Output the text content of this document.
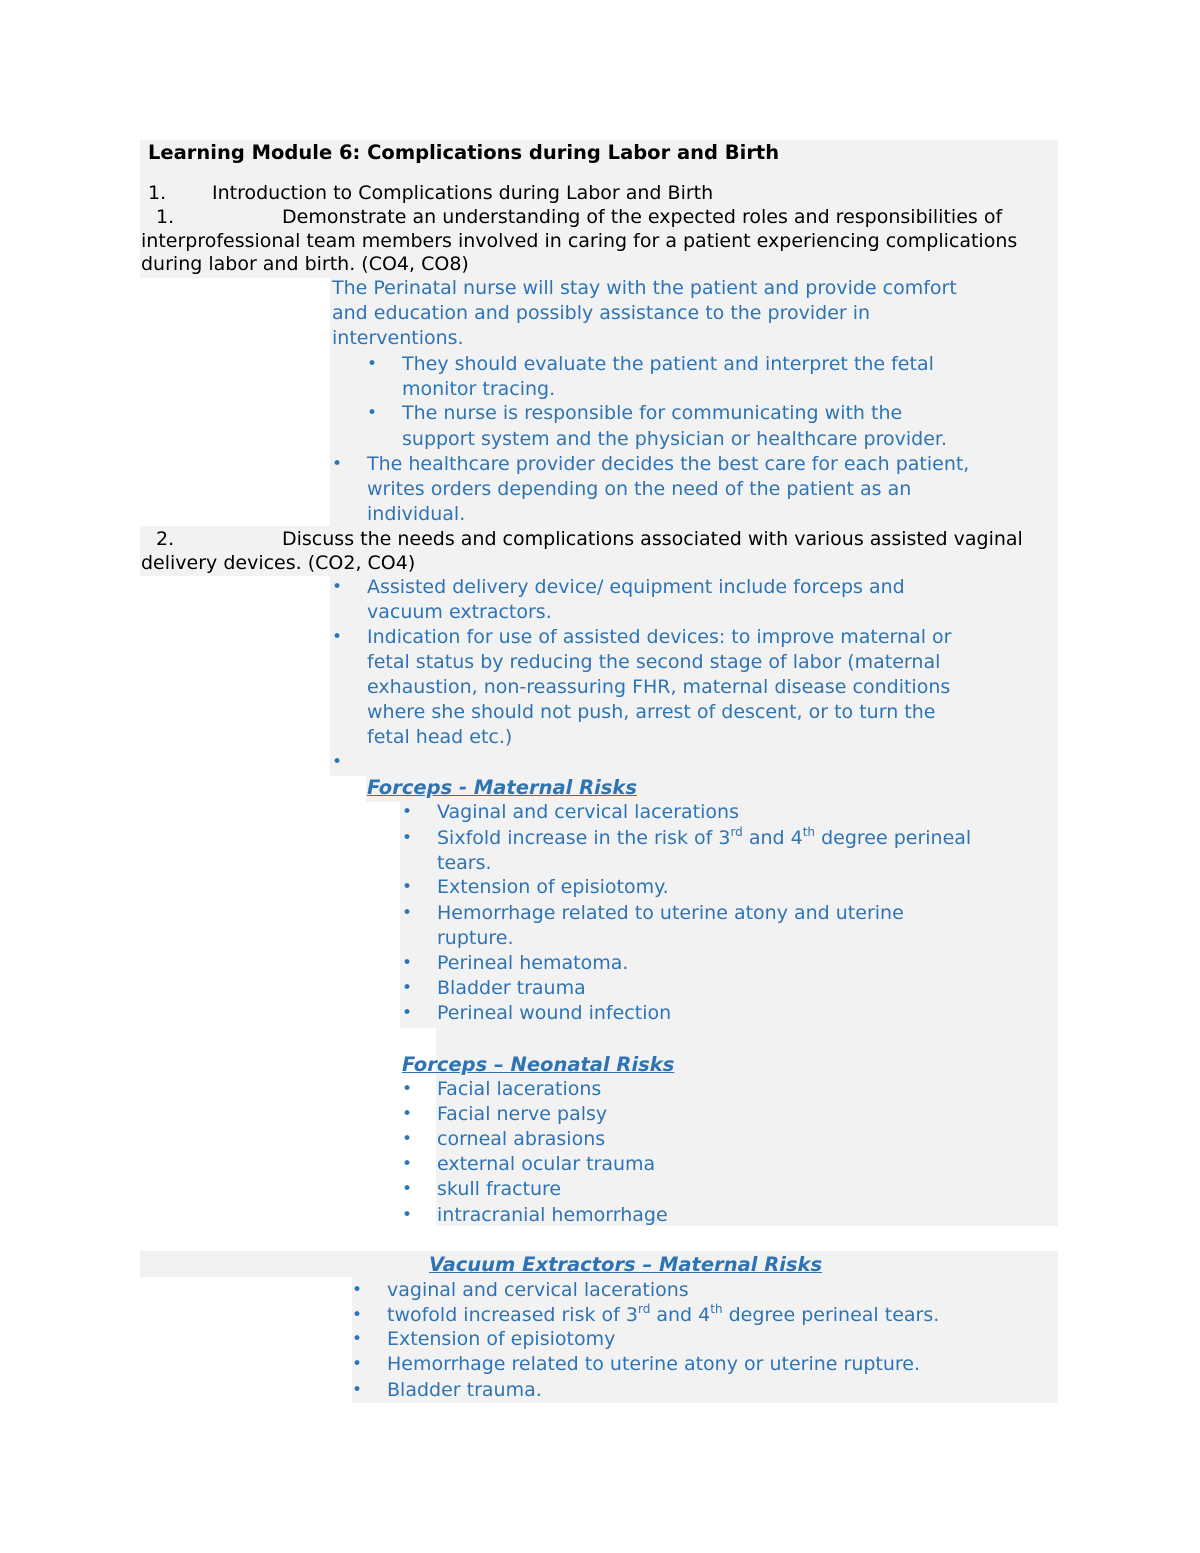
Learning Module 6: Complications during Labor and Birth
1. Introduction to Complications during Labor and Birth
1.	Demonstrate an understanding of the expected roles and responsibilities of
interprofessional team members involved in caring for a patient experiencing complications
during labor and birth. (CO4, CO8)
The Perinatal nurse will stay with the patient and provide comfort
and education and possibly assistance to the provider in
interventions.
• They should evaluate the patient and interpret the fetal
monitor tracing.
• The nurse is responsible for communicating with the
support system and the physician or healthcare provider.
• The healthcare provider decides the best care for each patient,
writes orders depending on the need of the patient as an
individual.
2.	Discuss the needs and complications associated with various assisted vaginal
delivery devices. (CO2, CO4)
• Assisted delivery device/ equipment include forceps and
vacuum extractors.
• Indication for use of assisted devices: to improve maternal or
fetal status by reducing the second stage of labor (maternal
exhaustion, non-reassuring FHR, maternal disease conditions
where she should not push, arrest of descent, or to turn the
fetal head etc.)
•
Forceps - Maternal Risks
• Vaginal and cervical lacerations
• Sixfold increase in the risk of 3rd and 4th degree perineal
tears.
• Extension of episiotomy.
• Hemorrhage related to uterine atony and uterine
rupture.
• Perineal hematoma.
• Bladder trauma
• Perineal wound infection
Forceps – Neonatal Risks
• Facial lacerations
• Facial nerve palsy
• corneal abrasions
• external ocular trauma
• skull fracture
• intracranial hemorrhage
Vacuum Extractors – Maternal Risks
• vaginal and cervical lacerations
• twofold increased risk of 3rd and 4th degree perineal tears.
• Extension of episiotomy
• Hemorrhage related to uterine atony or uterine rupture.
• Bladder trauma.
